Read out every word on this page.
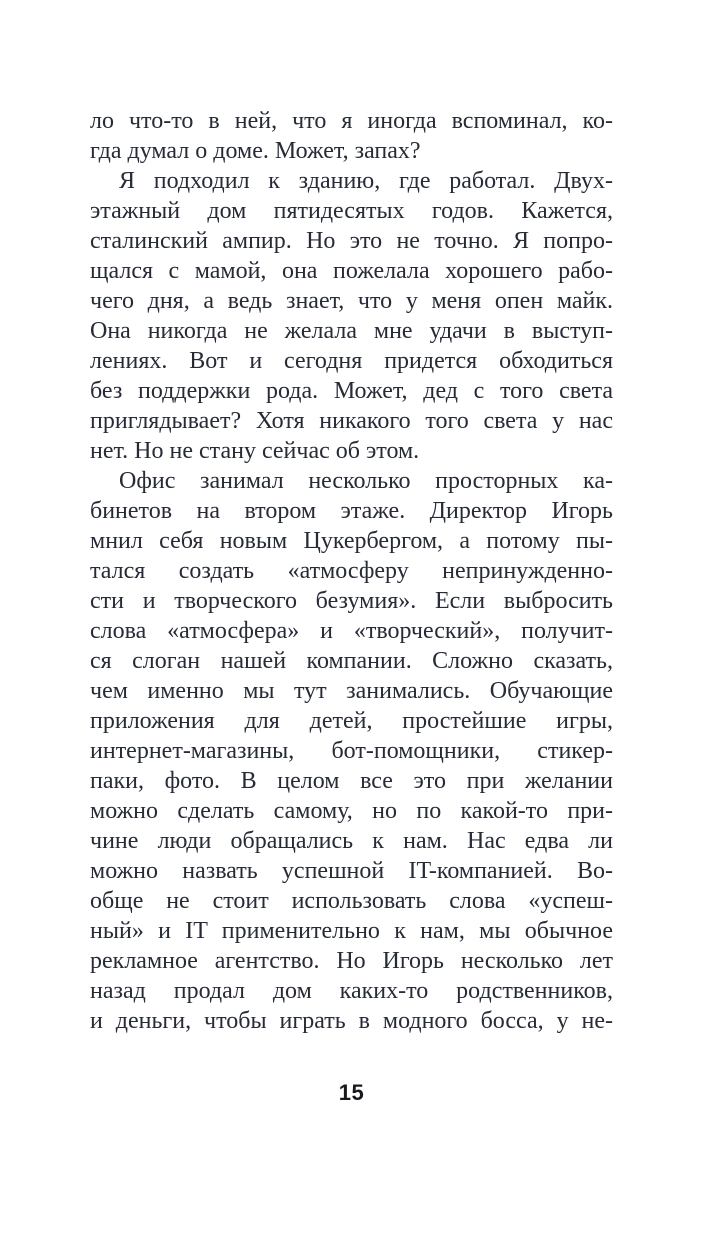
ло что-то в ней, что я иногда вспоминал, ко-
гда думал о доме. Может, запах?
Я подходил к зданию, где работал. Двух-
этажный дом пятидесятых годов. Кажется,
сталинский ампир. Но это не точно. Я попро-
щался с мамой, она пожелала хорошего рабо-
чего дня, а ведь знает, что у меня опен майк.
Она никогда не желала мне удачи в выступ-
лениях. Вот и сегодня придется обходиться
без поддержки рода. Может, дед с того света
приглядывает? Хотя никакого того света у нас
нет. Но не стану сейчас об этом.
Офис занимал несколько просторных ка-
бинетов на втором этаже. Директор Игорь
мнил себя новым Цукербергом, а потому пы-
тался создать «атмосферу непринужденно-
сти и творческого безумия». Если выбросить
слова «атмосфера» и «творческий», получит-
ся слоган нашей компании. Сложно сказать,
чем именно мы тут занимались. Обучающие
приложения для детей, простейшие игры,
интернет-магазины, бот-помощники, стикер-
паки, фото. В целом все это при желании
можно сделать самому, но по какой-то при-
чине люди обращались к нам. Нас едва ли
можно назвать успешной IT-компанией. Во-
обще не стоит использовать слова «успеш-
ный» и IT применительно к нам, мы обычное
рекламное агентство. Но Игорь несколько лет
назад продал дом каких-то родственников,
и деньги, чтобы играть в модного босса, у не-
15
